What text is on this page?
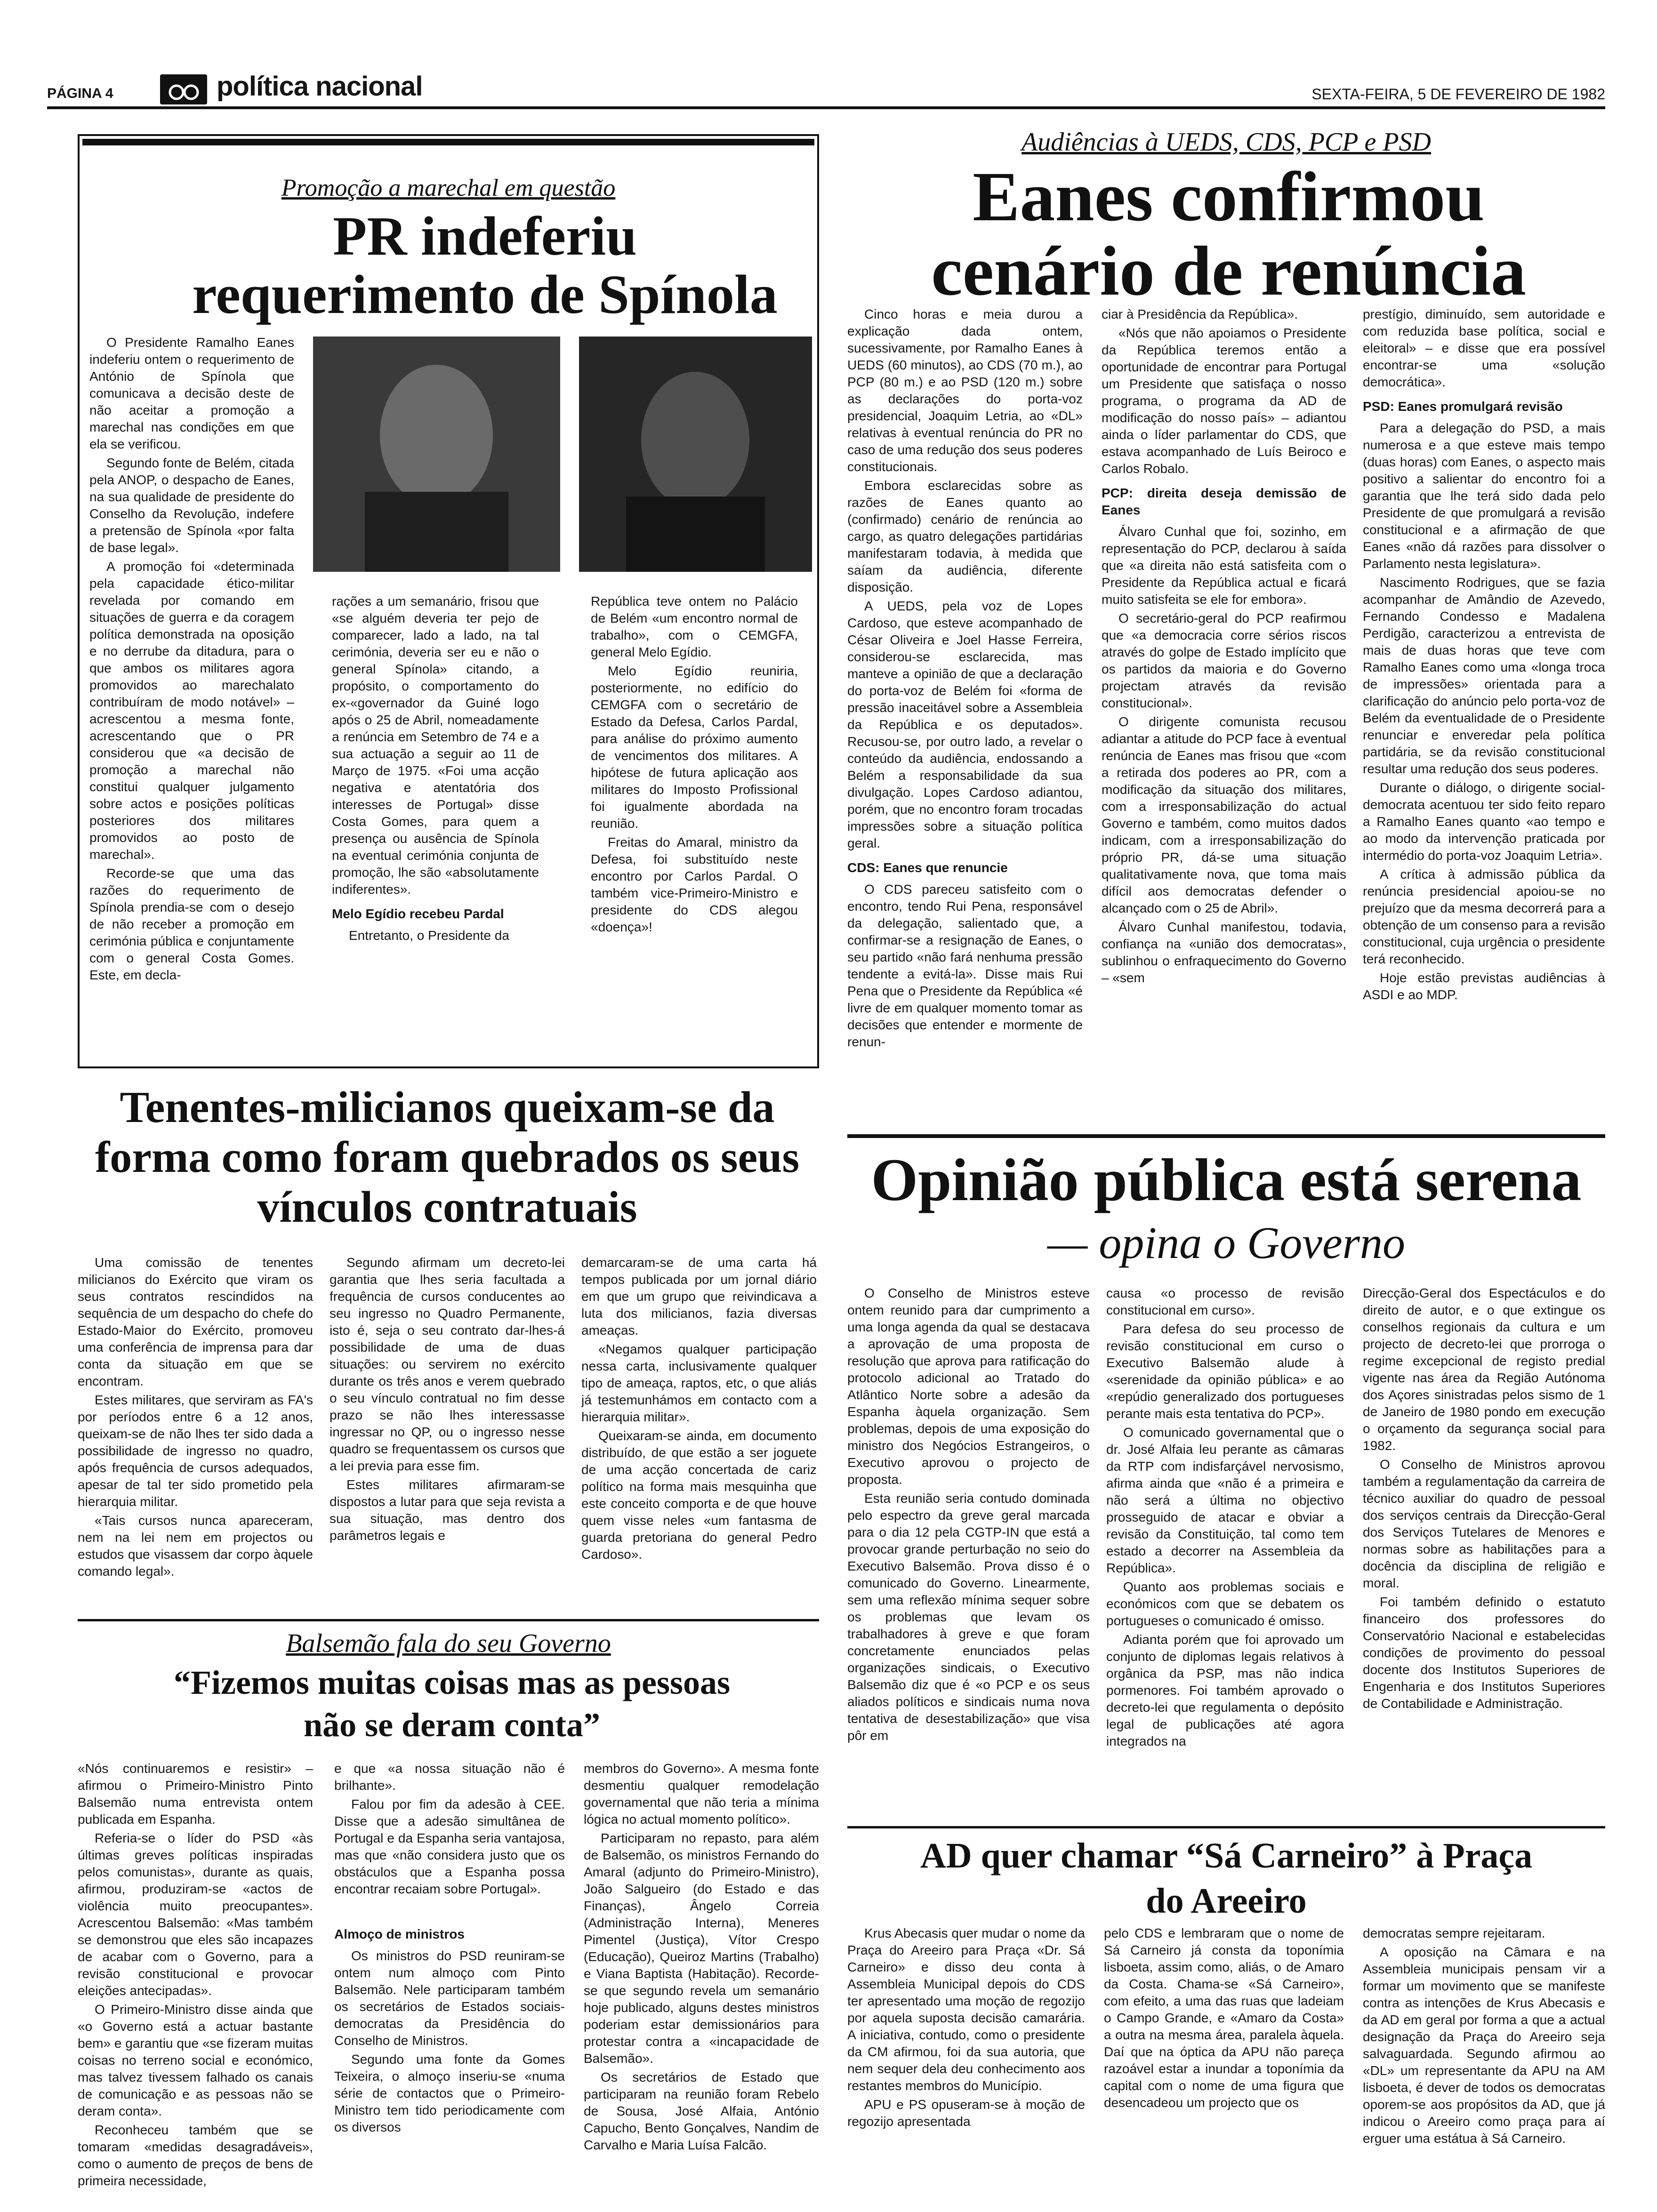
PÁGINA 4	política nacional	SEXTA-FEIRA, 5 DE FEVEREIRO DE 1982
Promoção a marechal em questão
PR indeferiu requerimento de Spínola

O Presidente Ramalho Eanes indeferiu ontem o requerimento de António de Spínola que comunicava a decisão deste de não aceitar a promoção a marechal nas condições em que ela se verificou.

Segundo fonte de Belém, citada pela ANOP, o despacho de Eanes, na sua qualidade de presidente do Conselho da Revolução, indefere a pretensão de Spínola «por falta de base legal».

A promoção foi «determinada pela capacidade ético-militar revelada por comando em situações de guerra e da coragem política demonstrada na oposição e no derrube da ditadura, para o que ambos os militares agora promovidos ao marechalato contribuíram de modo notável» – acrescentou a mesma fonte, acrescentando que o PR considerou que «a decisão de promoção a marechal não constitui qualquer julgamento sobre actos e posições políticas posteriores dos militares promovidos ao posto de marechal».

Recorde-se que uma das razões do requerimento de Spínola prendia-se com o desejo de não receber a promoção em cerimónia pública e conjuntamente com o general Costa Gomes. Este, em decla-

rações a um semanário, frisou que «se alguém deveria ter pejo de comparecer, lado a lado, na tal cerimónia, deveria ser eu e não o general Spínola» citando, a propósito, o comportamento do ex-«governador da Guiné logo após o 25 de Abril, nomeadamente a renúncia em Setembro de 74 e a sua actuação a seguir ao 11 de Março de 1975. «Foi uma acção negativa e atentatória dos interesses de Portugal» disse Costa Gomes, para quem a presença ou ausência de Spínola na eventual cerimónia conjunta de promoção, lhe são «absolutamente indiferentes».

Melo Egídio recebeu Pardal

Entretanto, o Presidente da

República teve ontem no Palácio de Belém «um encontro normal de trabalho», com o CEMGFA, general Melo Egídio.

Melo Egídio reuniria, posteriormente, no edifício do CEMGFA com o secretário de Estado da Defesa, Carlos Pardal, para análise do próximo aumento de vencimentos dos militares. A hipótese de futura aplicação aos militares do Imposto Profissional foi igualmente abordada na reunião.

Freitas do Amaral, ministro da Defesa, foi substituído neste encontro por Carlos Pardal. O também vice-Primeiro-Ministro e presidente do CDS alegou «doença»!

Audiências à UEDS, CDS, PCP e PSD
Eanes confirmou cenário de renúncia

Cinco horas e meia durou a explicação dada ontem, sucessivamente, por Ramalho Eanes à UEDS (60 minutos), ao CDS (70 m.), ao PCP (80 m.) e ao PSD (120 m.) sobre as declarações do porta-voz presidencial, Joaquim Letria, ao «DL» relativas à eventual renúncia do PR no caso de uma redução dos seus poderes constitucionais.

Embora esclarecidas sobre as razões de Eanes quanto ao (confirmado) cenário de renúncia ao cargo, as quatro delegações partidárias manifestaram todavia, à medida que saíam da audiência, diferente disposição.

A UEDS, pela voz de Lopes Cardoso, que esteve acompanhado de César Oliveira e Joel Hasse Ferreira, considerou-se esclarecida, mas manteve a opinião de que a declaração do porta-voz de Belém foi «forma de pressão inaceitável sobre a Assembleia da República e os deputados». Recusou-se, por outro lado, a revelar o conteúdo da audiência, endossando a Belém a responsabilidade da sua divulgação. Lopes Cardoso adiantou, porém, que no encontro foram trocadas impressões sobre a situação política geral.

CDS: Eanes que renuncie

O CDS pareceu satisfeito com o encontro, tendo Rui Pena, responsável da delegação, salientado que, a confirmar-se a resignação de Eanes, o seu partido «não fará nenhuma pressão tendente a evitá-la». Disse mais Rui Pena que o Presidente da República «é livre de em qualquer momento tomar as decisões que entender e mormente de renun-

ciar à Presidência da República».

«Nós que não apoiamos o Presidente da República teremos então a oportunidade de encontrar para Portugal um Presidente que satisfaça o nosso programa, o programa da AD de modificação do nosso país» – adiantou ainda o líder parlamentar do CDS, que estava acompanhado de Luís Beiroco e Carlos Robalo.

PCP: direita deseja demissão de Eanes

Álvaro Cunhal que foi, sozinho, em representação do PCP, declarou à saída que «a direita não está satisfeita com o Presidente da República actual e ficará muito satisfeita se ele for embora».

O secretário-geral do PCP reafirmou que «a democracia corre sérios riscos através do golpe de Estado implícito que os partidos da maioria e do Governo projectam através da revisão constitucional».

O dirigente comunista recusou adiantar a atitude do PCP face à eventual renúncia de Eanes mas frisou que «com a retirada dos poderes ao PR, com a modificação da situação dos militares, com a irresponsabilização do actual Governo e também, como muitos dados indicam, com a irresponsabilização do próprio PR, dá-se uma situação qualitativamente nova, que toma mais difícil aos democratas defender o alcançado com o 25 de Abril».

Álvaro Cunhal manifestou, todavia, confiança na «união dos democratas», sublinhou o enfraquecimento do Governo – «sem

prestígio, diminuído, sem autoridade e com reduzida base política, social e eleitoral» – e disse que era possível encontrar-se uma «solução democrática».

PSD: Eanes promulgará revisão

Para a delegação do PSD, a mais numerosa e a que esteve mais tempo (duas horas) com Eanes, o aspecto mais positivo a salientar do encontro foi a garantia que lhe terá sido dada pelo Presidente de que promulgará a revisão constitucional e a afirmação de que Eanes «não dá razões para dissolver o Parlamento nesta legislatura».

Nascimento Rodrigues, que se fazia acompanhar de Amândio de Azevedo, Fernando Condesso e Madalena Perdigão, caracterizou a entrevista de mais de duas horas que teve com Ramalho Eanes como uma «longa troca de impressões» orientada para a clarificação do anúncio pelo porta-voz de Belém da eventualidade de o Presidente renunciar e enveredar pela política partidária, se da revisão constitucional resultar uma redução dos seus poderes.

Durante o diálogo, o dirigente social-democrata acentuou ter sido feito reparo a Ramalho Eanes quanto «ao tempo e ao modo da intervenção praticada por intermédio do porta-voz Joaquim Letria».

A crítica à admissão pública da renúncia presidencial apoiou-se no prejuízo que da mesma decorrerá para a obtenção de um consenso para a revisão constitucional, cuja urgência o presidente terá reconhecido.

Hoje estão previstas audiências à ASDI e ao MDP.

Tenentes-milicianos queixam-se da forma como foram quebrados os seus vínculos contratuais

Uma comissão de tenentes milicianos do Exército que viram os seus contratos rescindidos na sequência de um despacho do chefe do Estado-Maior do Exército, promoveu uma conferência de imprensa para dar conta da situação em que se encontram.

Estes militares, que serviram as FA's por períodos entre 6 a 12 anos, queixam-se de não lhes ter sido dada a possibilidade de ingresso no quadro, após frequência de cursos adequados, apesar de tal ter sido prometido pela hierarquia militar.

«Tais cursos nunca apareceram, nem na lei nem em projectos ou estudos que visassem dar corpo àquele comando legal».

Segundo afirmam um decreto-lei garantia que lhes seria facultada a frequência de cursos conducentes ao seu ingresso no Quadro Permanente, isto é, seja o seu contrato dar-lhes-á possibilidade de uma de duas situações: ou servirem no exército durante os três anos e verem quebrado o seu vínculo contratual no fim desse prazo se não lhes interessasse ingressar no QP, ou o ingresso nesse quadro se frequentassem os cursos que a lei previa para esse fim.

Estes militares afirmaram-se dispostos a lutar para que seja revista a sua situação, mas dentro dos parâmetros legais e

demarcaram-se de uma carta há tempos publicada por um jornal diário em que um grupo que reivindicava a luta dos milicianos, fazia diversas ameaças.

«Negamos qualquer participação nessa carta, inclusivamente qualquer tipo de ameaça, raptos, etc, o que aliás já testemunhámos em contacto com a hierarquia militar».

Queixaram-se ainda, em documento distribuído, de que estão a ser joguete de uma acção concertada de cariz político na forma mais mesquinha que este conceito comporta e de que houve quem visse neles «um fantasma de guarda pretoriana do general Pedro Cardoso».

Opinião pública está serena
— opina o Governo

O Conselho de Ministros esteve ontem reunido para dar cumprimento a uma longa agenda da qual se destacava a aprovação de uma proposta de resolução que aprova para ratificação do protocolo adicional ao Tratado do Atlântico Norte sobre a adesão da Espanha àquela organização. Sem problemas, depois de uma exposição do ministro dos Negócios Estrangeiros, o Executivo aprovou o projecto de proposta.

Esta reunião seria contudo dominada pelo espectro da greve geral marcada para o dia 12 pela CGTP-IN que está a provocar grande perturbação no seio do Executivo Balsemão. Prova disso é o comunicado do Governo. Linearmente, sem uma reflexão mínima sequer sobre os problemas que levam os trabalhadores à greve e que foram concretamente enunciados pelas organizações sindicais, o Executivo Balsemão diz que é «o PCP e os seus aliados políticos e sindicais numa nova tentativa de desestabilização» que visa pôr em

causa «o processo de revisão constitucional em curso».

Para defesa do seu processo de revisão constitucional em curso o Executivo Balsemão alude à «serenidade da opinião pública» e ao «repúdio generalizado dos portugueses perante mais esta tentativa do PCP».

O comunicado governamental que o dr. José Alfaia leu perante as câmaras da RTP com indisfarçável nervosismo, afirma ainda que «não é a primeira e não será a última no objectivo prosseguido de atacar e obviar a revisão da Constituição, tal como tem estado a decorrer na Assembleia da República».

Quanto aos problemas sociais e económicos com que se debatem os portugueses o comunicado é omisso.

Adianta porém que foi aprovado um conjunto de diplomas legais relativos à orgânica da PSP, mas não indica pormenores. Foi também aprovado o decreto-lei que regulamenta o depósito legal de publicações até agora integrados na

Direcção-Geral dos Espectáculos e do direito de autor, e o que extingue os conselhos regionais da cultura e um projecto de decreto-lei que prorroga o regime excepcional de registo predial vigente nas área da Região Autónoma dos Açores sinistradas pelos sismo de 1 de Janeiro de 1980 pondo em execução o orçamento da segurança social para 1982.

O Conselho de Ministros aprovou também a regulamentação da carreira de técnico auxiliar do quadro de pessoal dos serviços centrais da Direcção-Geral dos Serviços Tutelares de Menores e normas sobre as habilitações para a docência da disciplina de religião e moral.

Foi também definido o estatuto financeiro dos professores do Conservatório Nacional e estabelecidas condições de provimento do pessoal docente dos Institutos Superiores de Engenharia e dos Institutos Superiores de Contabilidade e Administração.

Balsemão fala do seu Governo
“Fizemos muitas coisas mas as pessoas não se deram conta”

«Nós continuaremos e resistir» – afirmou o Primeiro-Ministro Pinto Balsemão numa entrevista ontem publicada em Espanha.

Referia-se o líder do PSD «às últimas greves políticas inspiradas pelos comunistas», durante as quais, afirmou, produziram-se «actos de violência muito preocupantes». Acrescentou Balsemão: «Mas também se demonstrou que eles são incapazes de acabar com o Governo, para a revisão constitucional e provocar eleições antecipadas».

O Primeiro-Ministro disse ainda que «o Governo está a actuar bastante bem» e garantiu que «se fizeram muitas coisas no terreno social e económico, mas talvez tivessem falhado os canais de comunicação e as pessoas não se deram conta».

Reconheceu também que se tomaram «medidas desagradáveis», como o aumento de preços de bens de primeira necessidade,

e que «a nossa situação não é brilhante».

Falou por fim da adesão à CEE. Disse que a adesão simultânea de Portugal e da Espanha seria vantajosa, mas que «não considera justo que os obstáculos que a Espanha possa encontrar recaiam sobre Portugal».

Almoço de ministros

Os ministros do PSD reuniram-se ontem num almoço com Pinto Balsemão. Nele participaram também os secretários de Estados sociais-democratas da Presidência do Conselho de Ministros.

Segundo uma fonte da Gomes Teixeira, o almoço inseriu-se «numa série de contactos que o Primeiro-Ministro tem tido periodicamente com os diversos

membros do Governo». A mesma fonte desmentiu qualquer remodelação governamental que não teria a mínima lógica no actual momento político».

Participaram no repasto, para além de Balsemão, os ministros Fernando do Amaral (adjunto do Primeiro-Ministro), João Salgueiro (do Estado e das Finanças), Ângelo Correia (Administração Interna), Meneres Pimentel (Justiça), Vítor Crespo (Educação), Queiroz Martins (Trabalho) e Viana Baptista (Habitação). Recorde-se que segundo revela um semanário hoje publicado, alguns destes ministros poderiam estar demissionários para protestar contra a «incapacidade de Balsemão».

Os secretários de Estado que participaram na reunião foram Rebelo de Sousa, José Alfaia, António Capucho, Bento Gonçalves, Nandim de Carvalho e Maria Luísa Falcão.

AD quer chamar “Sá Carneiro” à Praça do Areeiro

Krus Abecasis quer mudar o nome da Praça do Areeiro para Praça «Dr. Sá Carneiro» e disso deu conta à Assembleia Municipal depois do CDS ter apresentado uma moção de regozijo por aquela suposta decisão camarária. A iniciativa, contudo, como o presidente da CM afirmou, foi da sua autoria, que nem sequer dela deu conhecimento aos restantes membros do Município.

APU e PS opuseram-se à moção de regozijo apresentada

pelo CDS e lembraram que o nome de Sá Carneiro já consta da toponímia lisboeta, assim como, aliás, o de Amaro da Costa. Chama-se «Sá Carneiro», com efeito, a uma das ruas que ladeiam o Campo Grande, e «Amaro da Costa» a outra na mesma área, paralela àquela. Daí que na óptica da APU não pareça razoável estar a inundar a toponímia da capital com o nome de uma figura que desencadeou um projecto que os

democratas sempre rejeitaram.

A oposição na Câmara e na Assembleia municipais pensam vir a formar um movimento que se manifeste contra as intenções de Krus Abecasis e da AD em geral por forma a que a actual designação da Praça do Areeiro seja salvaguardada. Segundo afirmou ao «DL» um representante da APU na AM lisboeta, é dever de todos os democratas oporem-se aos propósitos da AD, que já indicou o Areeiro como praça para aí erguer uma estátua à Sá Carneiro.
